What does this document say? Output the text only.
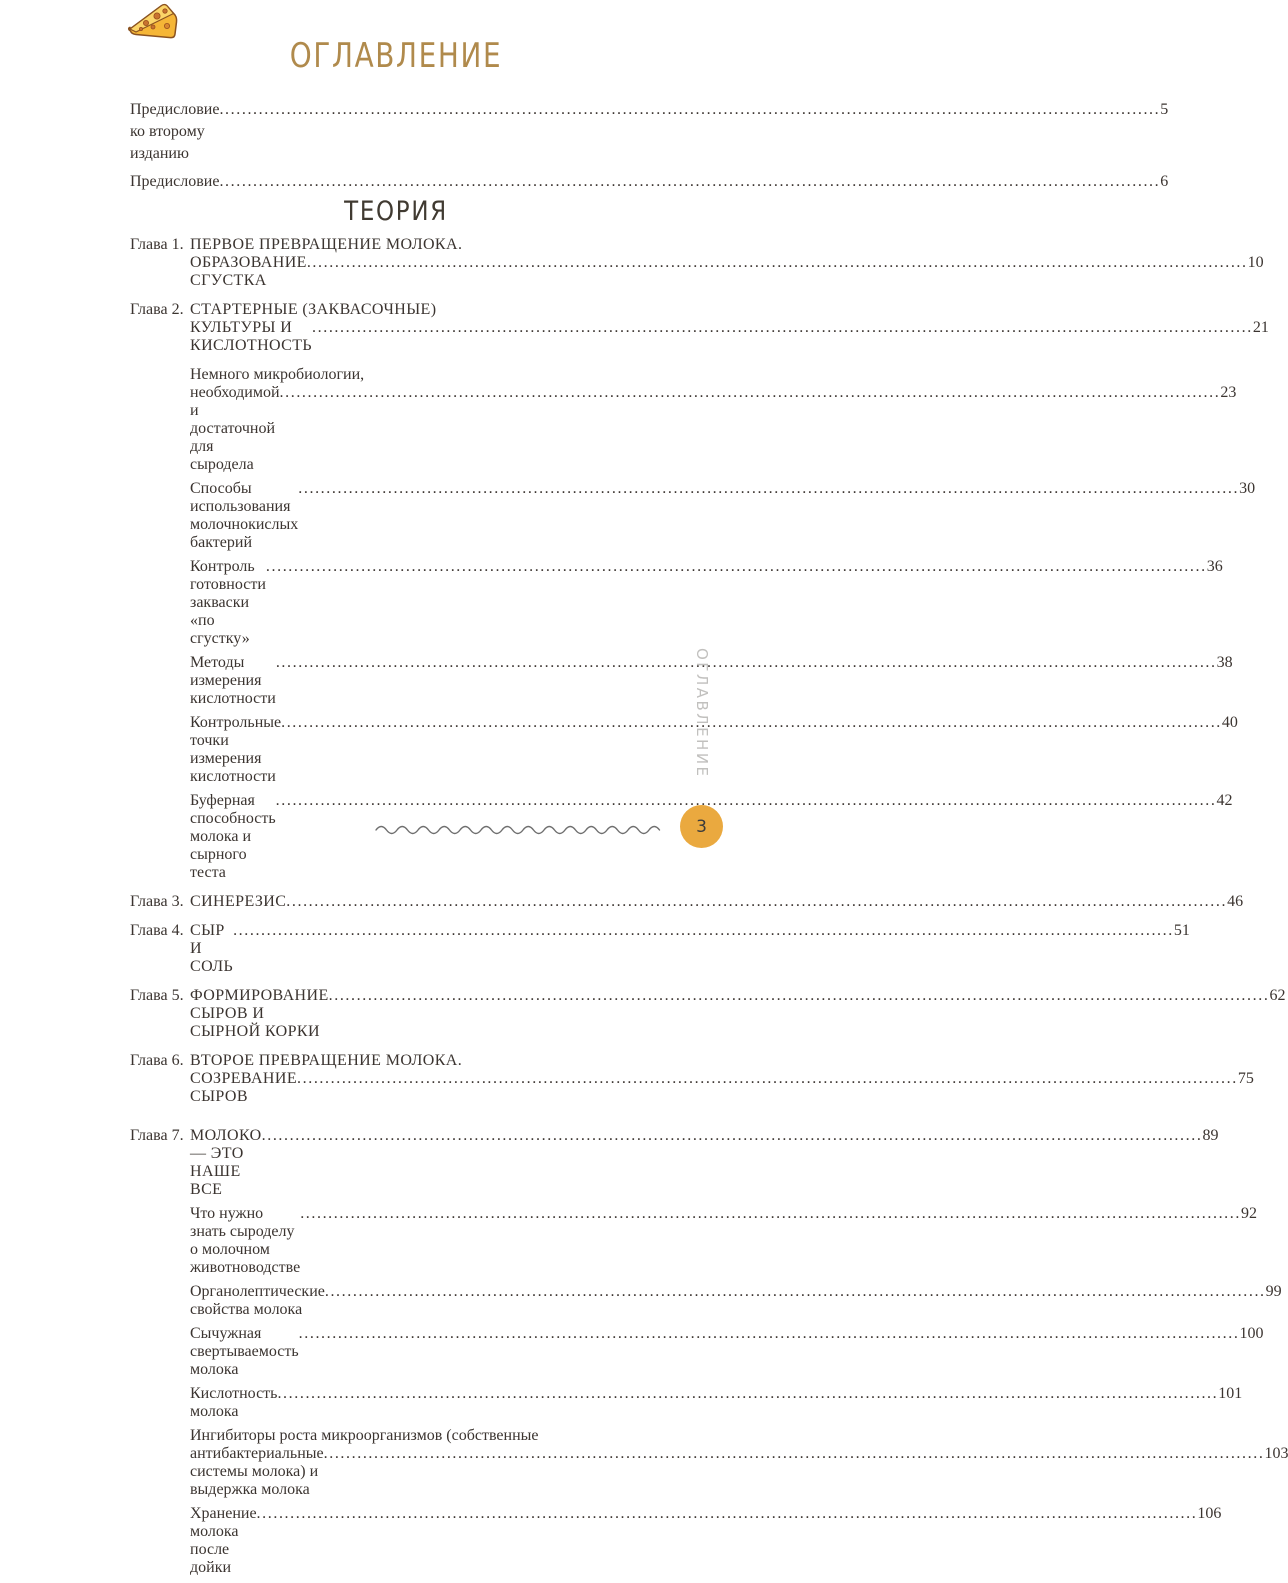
ОГЛАВЛЕНИЕ
Предисловие ко второму изданию
.....
5
Предисловие .....	6
ТЕОРИЯ
Глава 1. ПЕРВОЕ ПРЕВРАЩЕНИЕ МОЛОКА.
ОБРАЗОВАНИЕ СГУСТКА
.....
10
Глава 2. СТАРТЕРНЫЕ (ЗАКВАСОЧНЫЕ)
КУЛЬТУРЫ И КИСЛОТНОСТЬ
.....
21
Немного микробиологии,
необходимой и достаточной для сыродела
.....
23
Способы использования молочнокислых бактерий
.....
30
Контроль готовности закваски «по сгустку»
.....
36
Методы измерения кислотности
.....
38
Контрольные точки измерения кислотности
.....
40
Буферная способность молока и сырного теста
.....
42
Глава 3. СИНЕРЕЗИС .....	46
Глава 4. СЫР И СОЛЬ
.....
51
Глава 5. ФОРМИРОВАНИЕ СЫРОВ И СЫРНОЙ КОРКИ
.....
62
Глава 6. ВТОРОЕ ПРЕВРАЩЕНИЕ МОЛОКА.
СОЗРЕВАНИЕ СЫРОВ
.....
75
Глава 7. МОЛОКО — ЭТО НАШЕ ВСЕ
.....
89
Что нужно знать сыроделу о молочном животноводстве
.....
92
Органолептические свойства молока
.....
99
Сычужная свертываемость молока
.....
100
Кислотность молока
.....
101
Ингибиторы роста микроорганизмов (собственные
антибактериальные системы молока) и выдержка молока
.....
103
Хранение молока после дойки
.....
106
ОГЛАВЛЕНИЕ
3
